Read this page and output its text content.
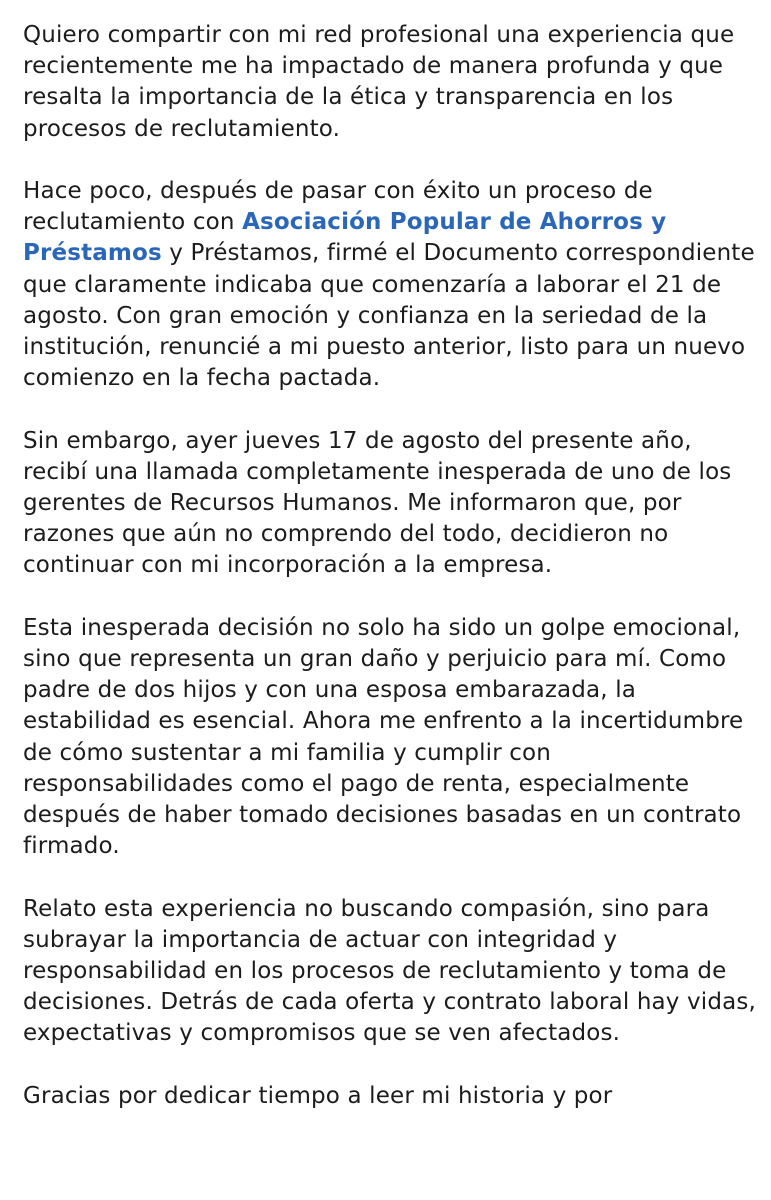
Quiero compartir con mi red profesional una experiencia que recientemente me ha impactado de manera profunda y que resalta la importancia de la ética y transparencia en los procesos de reclutamiento.

Hace poco, después de pasar con éxito un proceso de reclutamiento con Asociación Popular de Ahorros y Préstamos y Préstamos, firmé el Documento correspondiente que claramente indicaba que comenzaría a laborar el 21 de agosto. Con gran emoción y confianza en la seriedad de la institución, renuncié a mi puesto anterior, listo para un nuevo comienzo en la fecha pactada.

Sin embargo, ayer jueves 17 de agosto del presente año, recibí una llamada completamente inesperada de uno de los gerentes de Recursos Humanos. Me informaron que, por razones que aún no comprendo del todo, decidieron no continuar con mi incorporación a la empresa.

Esta inesperada decisión no solo ha sido un golpe emocional, sino que representa un gran daño y perjuicio para mí. Como padre de dos hijos y con una esposa embarazada, la estabilidad es esencial. Ahora me enfrento a la incertidumbre de cómo sustentar a mi familia y cumplir con responsabilidades como el pago de renta, especialmente después de haber tomado decisiones basadas en un contrato firmado.

Relato esta experiencia no buscando compasión, sino para subrayar la importancia de actuar con integridad y responsabilidad en los procesos de reclutamiento y toma de decisiones. Detrás de cada oferta y contrato laboral hay vidas, expectativas y compromisos que se ven afectados.

Gracias por dedicar tiempo a leer mi historia y por
